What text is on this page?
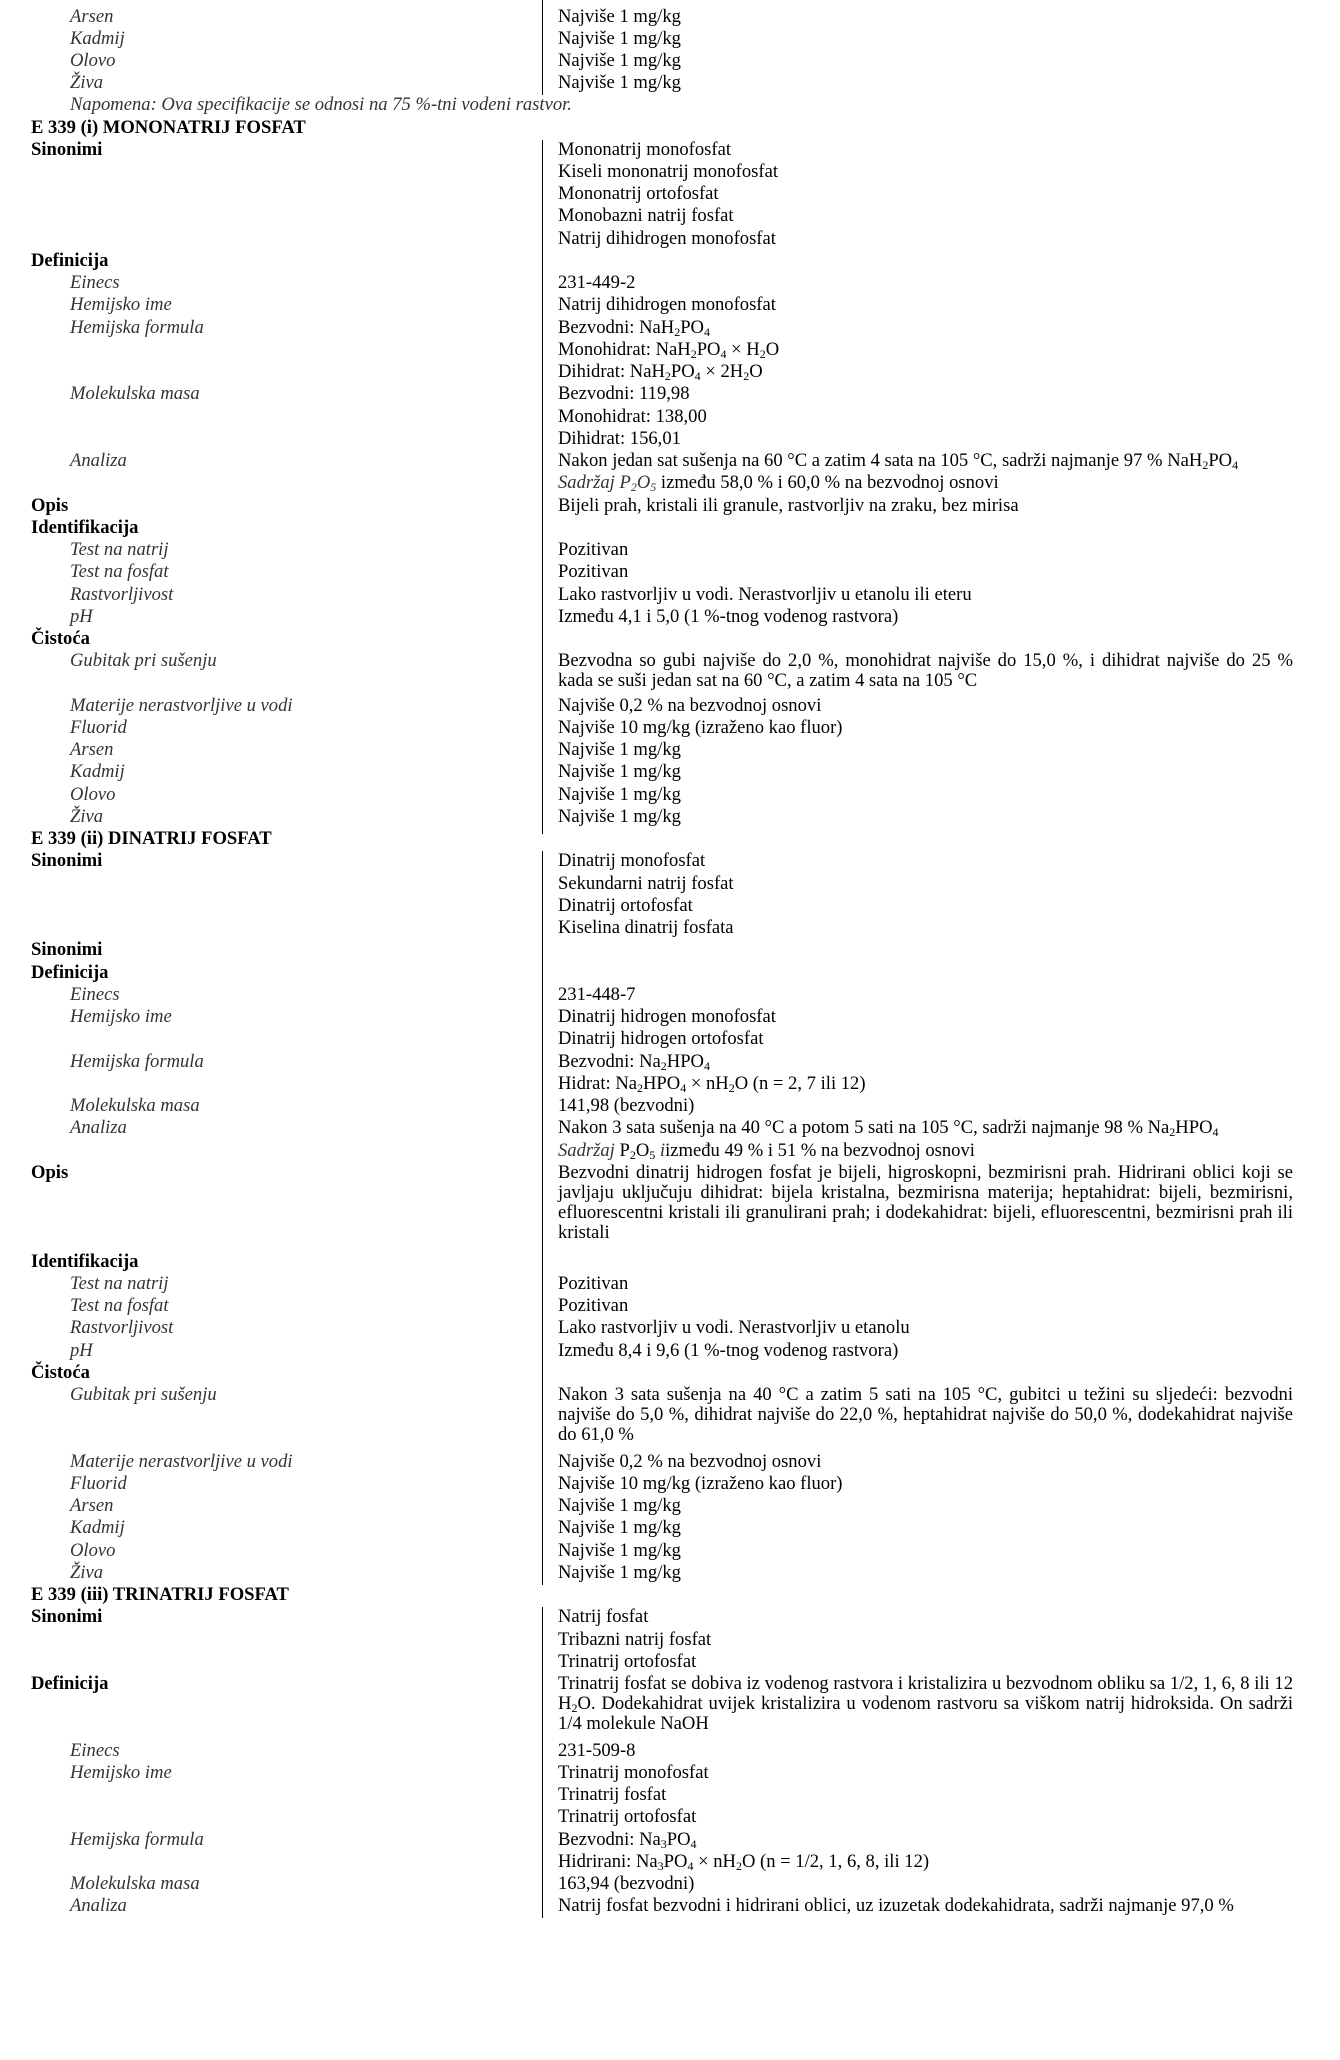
Arsen	Najviše 1 mg/kg
Kadmij	Najviše 1 mg/kg
Olovo	Najviše 1 mg/kg
Živa	Najviše 1 mg/kg
Napomena: Ova specifikacije se odnosi na 75 %-tni vodeni rastvor.
E 339 (i) MONONATRIJ FOSFAT
Sinonimi	Mononatrij monofosfat
Kiseli mononatrij monofosfat
Mononatrij ortofosfat
Monobazni natrij fosfat
Natrij dihidrogen monofosfat
Definicija
Einecs	231-449-2
Hemijsko ime	Natrij dihidrogen monofosfat
Hemijska formula	Bezvodni: $NaH_2PO_4$
Monohidrat: $NaH_2PO_4 \times H_2O$
Dihidrat: $NaH_2PO_4 \times 2H_2O$
Molekulska masa	Bezvodni: 119,98
Monohidrat: 138,00
Dihidrat: 156,01
Analiza	Nakon jedan sat sušenja na 60 °C a zatim 4 sata na 105 °C, sadrži najmanje 97 % $NaH_2PO_4$
Sadržaj $P_2O_5$ između 58,0 % i 60,0 % na bezvodnoj osnovi
Opis	Bijeli prah, kristali ili granule, rastvorljiv na zraku, bez mirisa
Identifikacija
Test na natrij	Pozitivan
Test na fosfat	Pozitivan
Rastvorljivost	Lako rastvorljiv u vodi. Nerastvorljiv u etanolu ili eteru
pH	Između 4,1 i 5,0 (1 %-tnog vodenog rastvora)
Čistoća
Gubitak pri sušenju	Bezvodna so gubi najviše do 2,0 %, monohidrat najviše do 15,0 %, i dihidrat najviše do 25 % kada se suši jedan sat na 60 °C, a zatim 4 sata na 105 °C
Materije nerastvorljive u vodi	Najviše 0,2 % na bezvodnoj osnovi
Fluorid	Najviše 10 mg/kg (izraženo kao fluor)
Arsen	Najviše 1 mg/kg
Kadmij	Najviše 1 mg/kg
Olovo	Najviše 1 mg/kg
Živa	Najviše 1 mg/kg
E 339 (ii) DINATRIJ FOSFAT
Sinonimi	Dinatrij monofosfat
Sekundarni natrij fosfat
Dinatrij ortofosfat
Kiselina dinatrij fosfata
Sinonimi
Definicija
Einecs	231-448-7
Hemijsko ime	Dinatrij hidrogen monofosfat
Dinatrij hidrogen ortofosfat
Hemijska formula	Bezvodni: $Na_2HPO_4$
Hidrat: $Na_2HPO_4 \times nH_2O$ (n = 2, 7 ili 12)
Molekulska masa	141,98 (bezvodni)
Analiza	Nakon 3 sata sušenja na 40 °C a potom 5 sati na 105 °C, sadrži najmanje 98 % $Na_2HPO_4$
Sadržaj $P_2O_5$ iizmeđu 49 % i 51 % na bezvodnoj osnovi
Opis	Bezvodni dinatrij hidrogen fosfat je bijeli, higroskopni, bezmirisni prah. Hidrirani oblici koji se javljaju uključuju dihidrat: bijela kristalna, bezmirisna materija; heptahidrat: bijeli, bezmirisni, efluorescentni kristali ili granulirani prah; i dodekahidrat: bijeli, efluorescentni, bezmirisni prah ili kristali
Identifikacija
Test na natrij	Pozitivan
Test na fosfat	Pozitivan
Rastvorljivost	Lako rastvorljiv u vodi. Nerastvorljiv u etanolu
pH	Između 8,4 i 9,6 (1 %-tnog vodenog rastvora)
Čistoća
Gubitak pri sušenju	Nakon 3 sata sušenja na 40 °C a zatim 5 sati na 105 °C, gubitci u težini su sljedeći: bezvodni najviše do 5,0 %, dihidrat najviše do 22,0 %, heptahidrat najviše do 50,0 %, dodekahidrat najviše do 61,0 %
Materije nerastvorljive u vodi	Najviše 0,2 % na bezvodnoj osnovi
Fluorid	Najviše 10 mg/kg (izraženo kao fluor)
Arsen	Najviše 1 mg/kg
Kadmij	Najviše 1 mg/kg
Olovo	Najviše 1 mg/kg
Živa	Najviše 1 mg/kg
E 339 (iii) TRINATRIJ FOSFAT
Sinonimi	Natrij fosfat
Tribazni natrij fosfat
Trinatrij ortofosfat
Definicija	Trinatrij fosfat se dobiva iz vodenog rastvora i kristalizira u bezvodnom obliku sa 1/2, 1, 6, 8 ili 12 $H_2O$. Dodekahidrat uvijek kristalizira u vodenom rastvoru sa viškom natrij hidroksida. On sadrži 1/4 molekule NaOH
Einecs	231-509-8
Hemijsko ime	Trinatrij monofosfat
Trinatrij fosfat
Trinatrij ortofosfat
Hemijska formula	Bezvodni: $Na_3PO_4$
Hidrirani: $Na_3PO_4 \times nH_2O$ (n = 1/2, 1, 6, 8, ili 12)
Molekulska masa	163,94 (bezvodni)
Analiza	Natrij fosfat bezvodni i hidrirani oblici, uz izuzetak dodekahidrata, sadrži najmanje 97,0 %
